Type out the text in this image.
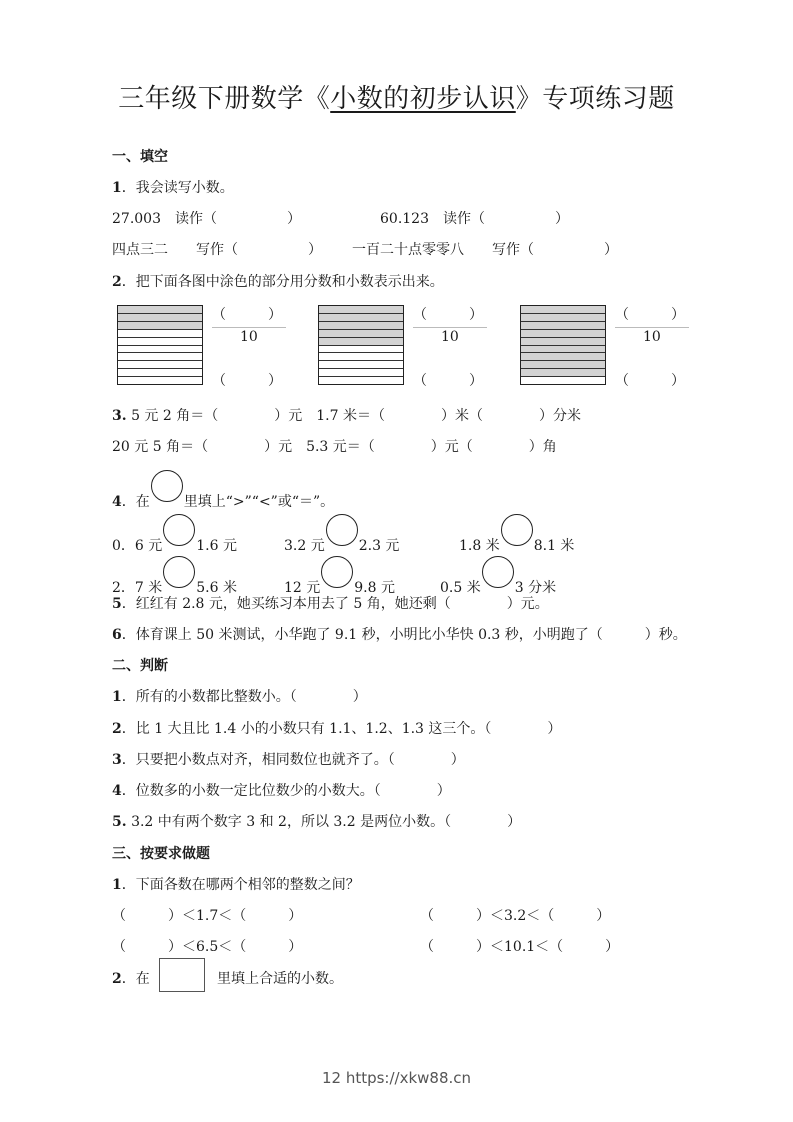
三年级下册数学《小数的初步认识》专项练习题
一、填空
1．我会读写小数。
27.003　读作（　　　　　）	60.123　读作（　　　　　）
四点三二　　写作（　　　　　） 一百二十点零零八　　写作（　　　　　）
2．把下面各图中涂色的部分用分数和小数表示出来。
（　　　）
10
（　　　）
（　　　）
10
（　　　）
（　　　）
10
（　　　）
3. 5 元 2 角＝（　　　　）元　1.7 米＝（　　　　）米（　　　　）分米
20 元 5 角＝（　　　　）元　5.3 元＝（　　　　）元（　　　　）角
4．在 里填上“>”“<”或“＝”。
0．6 元 1.6 元	3.2 元 2.3 元	1.8 米 8.1 米
2．7 米 5.6 米	12 元 9.8 元	0.5 米 3 分米
5．红红有 2.8 元，她买练习本用去了 5 角，她还剩（　　　　）元。
6．体育课上 50 米测试，小华跑了 9.1 秒，小明比小华快 0.3 秒，小明跑了（　　　）秒。
二、判断
1．所有的小数都比整数小。（　　　　）
2．比 1 大且比 1.4 小的小数只有 1.1、1.2、1.3 这三个。（　　　　）
3．只要把小数点对齐，相同数位也就齐了。（　　　　）
4．位数多的小数一定比位数少的小数大。（　　　　）
5. 3.2 中有两个数字 3 和 2，所以 3.2 是两位小数。（　　　　）
三、按要求做题
1．下面各数在哪两个相邻的整数之间？
（　　　）＜1.7＜（　　　）	（　　　）＜3.2＜（　　　）
（　　　）＜6.5＜（　　　）	（　　　）＜10.1＜（　　　）
2．在	里填上合适的小数。
12 https://xkw88.cn
